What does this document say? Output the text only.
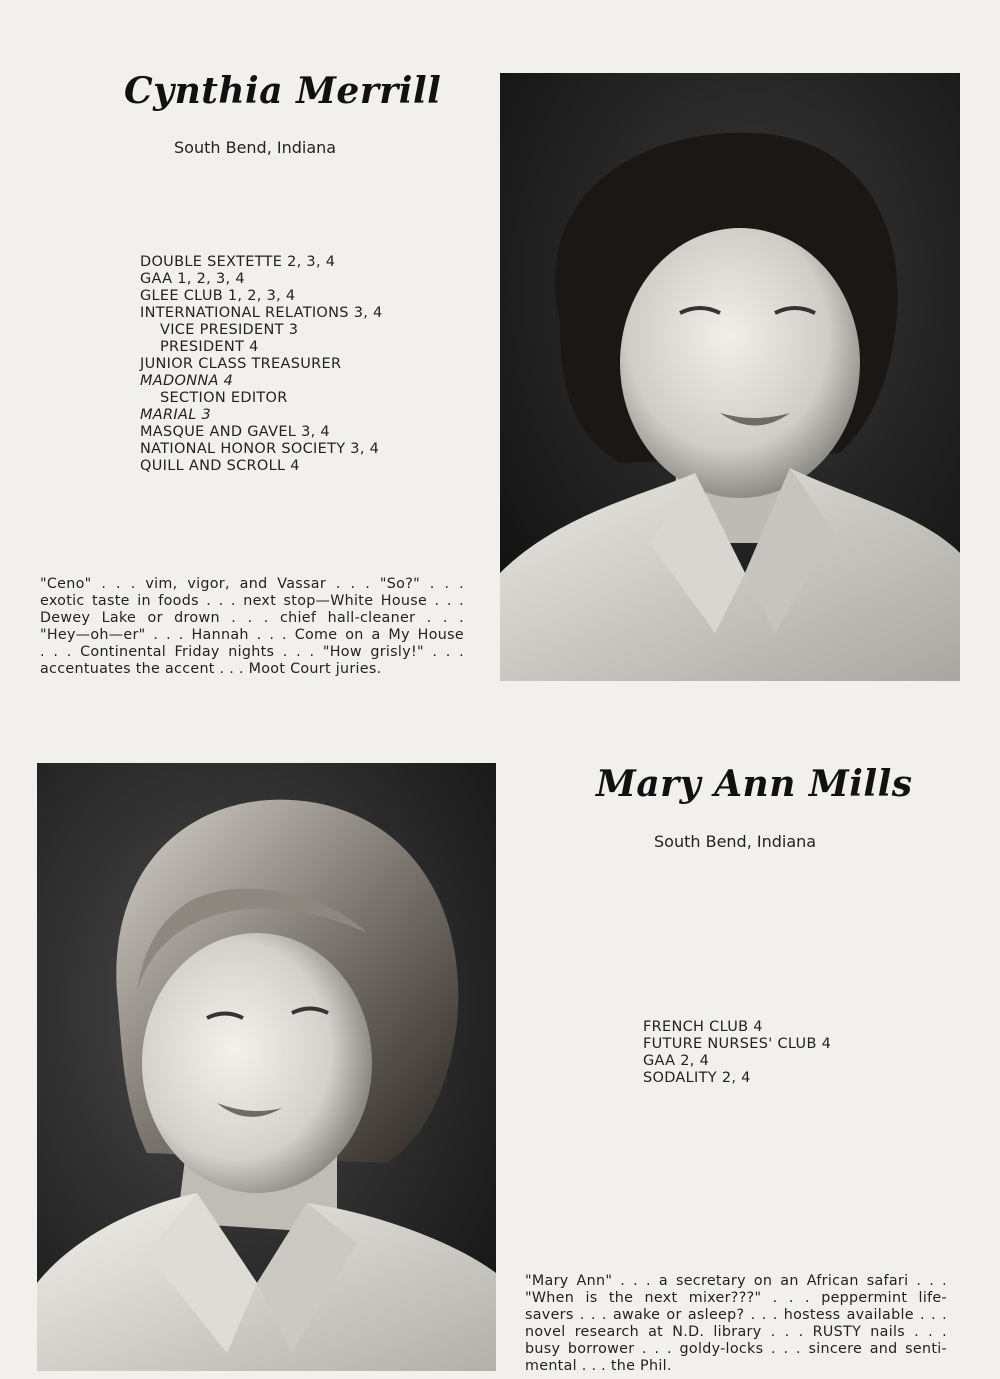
Cynthia Merrill
South Bend, Indiana
DOUBLE SEXTETTE 2, 3, 4
GAA 1, 2, 3, 4
GLEE CLUB 1, 2, 3, 4
INTERNATIONAL RELATIONS 3, 4
VICE PRESIDENT 3
PRESIDENT 4
JUNIOR CLASS TREASURER
MADONNA 4
SECTION EDITOR
MARIAL 3
MASQUE AND GAVEL 3, 4
NATIONAL HONOR SOCIETY 3, 4
QUILL AND SCROLL 4
"Ceno" . . . vim, vigor, and Vassar . . . "So?" . . .
exotic taste in foods . . . next stop—White House . . .
Dewey Lake or drown . . . chief hall-cleaner . . .
"Hey—oh—er" . . . Hannah . . . Come on a My House
. . . Continental Friday nights . . . "How grisly!" . . .
accentuates the accent . . . Moot Court juries.
Mary Ann Mills
South Bend, Indiana
FRENCH CLUB 4
FUTURE NURSES' CLUB 4
GAA 2, 4
SODALITY 2, 4
"Mary Ann" . . . a secretary on an African safari . . .
"When is the next mixer???" . . . peppermint life-
savers . . . awake or asleep? . . . hostess available . . .
novel research at N.D. library . . . RUSTY nails . . .
busy borrower . . . goldy-locks . . . sincere and senti-
mental . . . the Phil.
